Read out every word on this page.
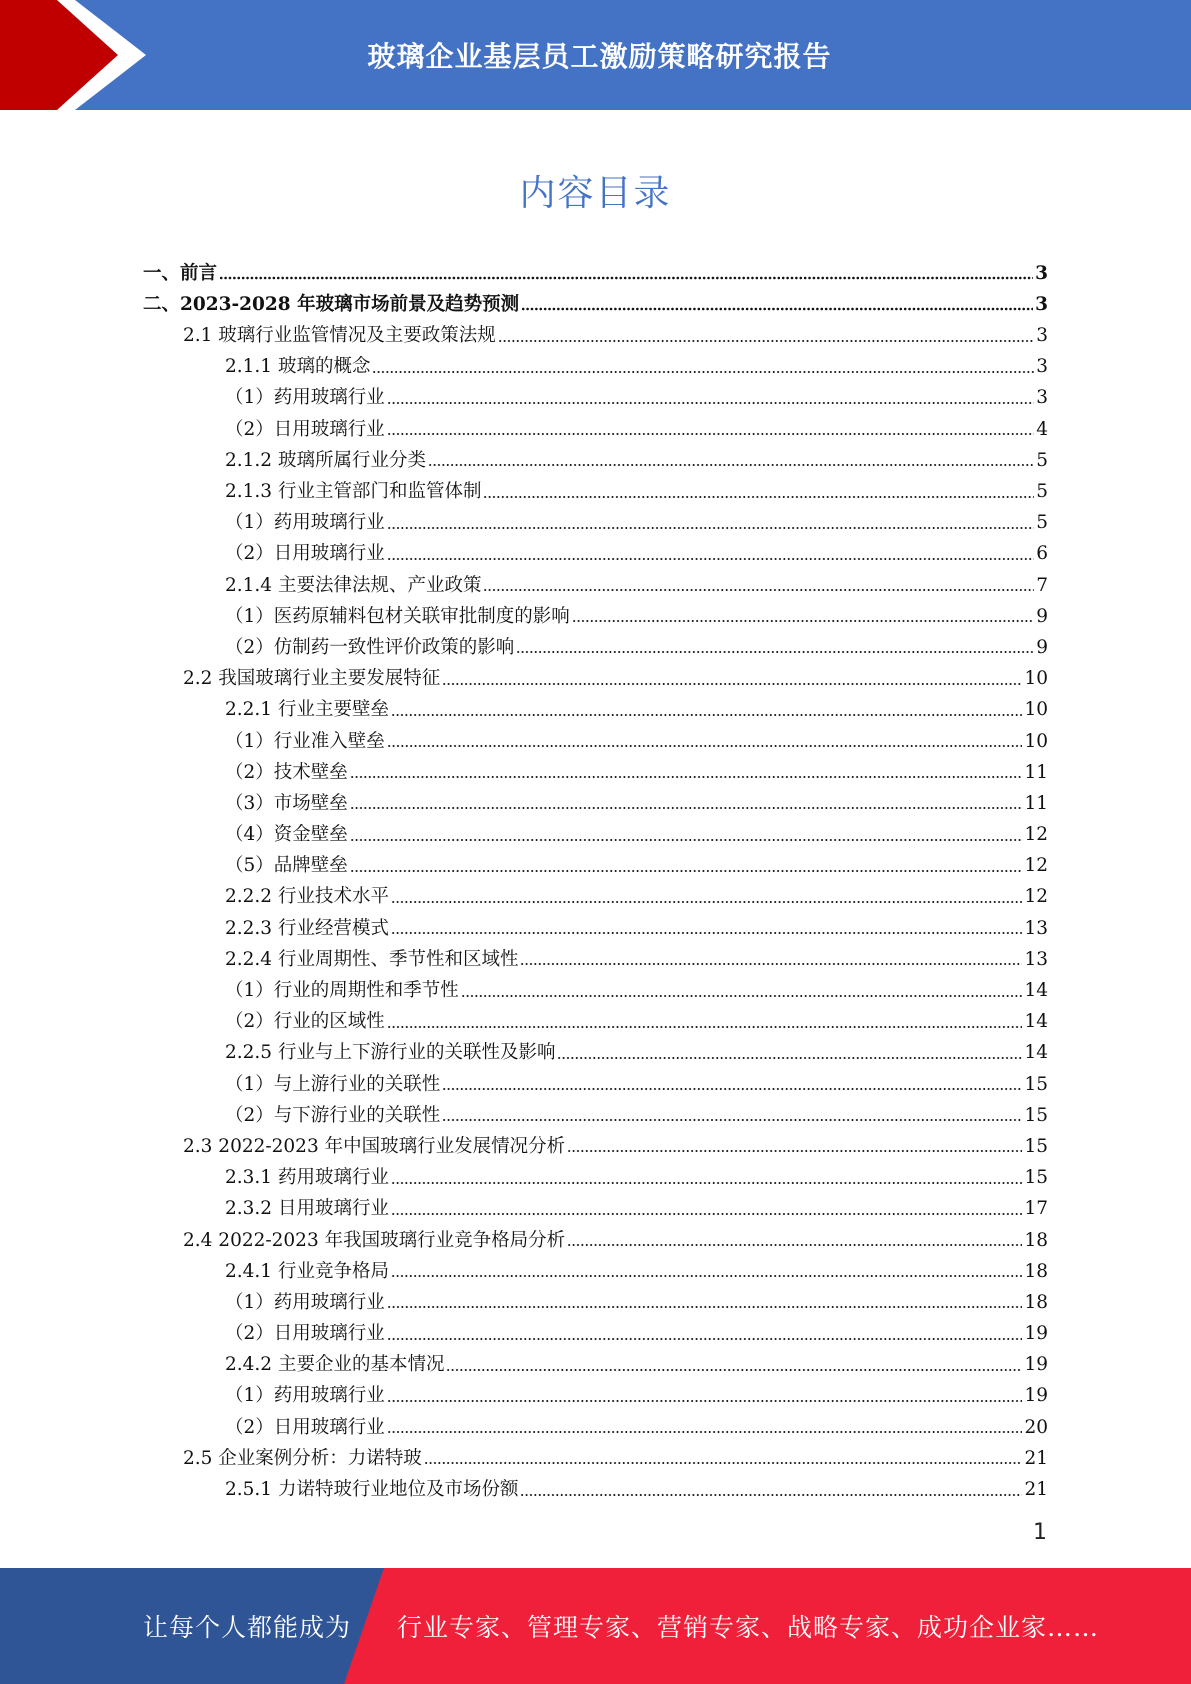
玻璃企业基层员工激励策略研究报告
内容目录
一、前言	3
二、2023-2028 年玻璃市场前景及趋势预测	3
2.1 玻璃行业监管情况及主要政策法规	3
2.1.1 玻璃的概念	3
（1）药用玻璃行业	3
（2）日用玻璃行业	4
2.1.2 玻璃所属行业分类	5
2.1.3 行业主管部门和监管体制	5
（1）药用玻璃行业	5
（2）日用玻璃行业	6
2.1.4 主要法律法规、产业政策	7
（1）医药原辅料包材关联审批制度的影响	9
（2）仿制药一致性评价政策的影响	9
2.2 我国玻璃行业主要发展特征	10
2.2.1 行业主要壁垒	10
（1）行业准入壁垒	10
（2）技术壁垒	11
（3）市场壁垒	11
（4）资金壁垒	12
（5）品牌壁垒	12
2.2.2 行业技术水平	12
2.2.3 行业经营模式	13
2.2.4 行业周期性、季节性和区域性	13
（1）行业的周期性和季节性	14
（2）行业的区域性	14
2.2.5 行业与上下游行业的关联性及影响	14
（1）与上游行业的关联性	15
（2）与下游行业的关联性	15
2.3 2022-2023 年中国玻璃行业发展情况分析	15
2.3.1 药用玻璃行业	15
2.3.2 日用玻璃行业	17
2.4 2022-2023 年我国玻璃行业竞争格局分析	18
2.4.1 行业竞争格局	18
（1）药用玻璃行业	18
（2）日用玻璃行业	19
2.4.2 主要企业的基本情况	19
（1）药用玻璃行业	19
（2）日用玻璃行业	20
2.5 企业案例分析：力诺特玻	21
2.5.1 力诺特玻行业地位及市场份额	21
1
让每个人都能成为 行业专家、管理专家、营销专家、战略专家、成功企业家……
